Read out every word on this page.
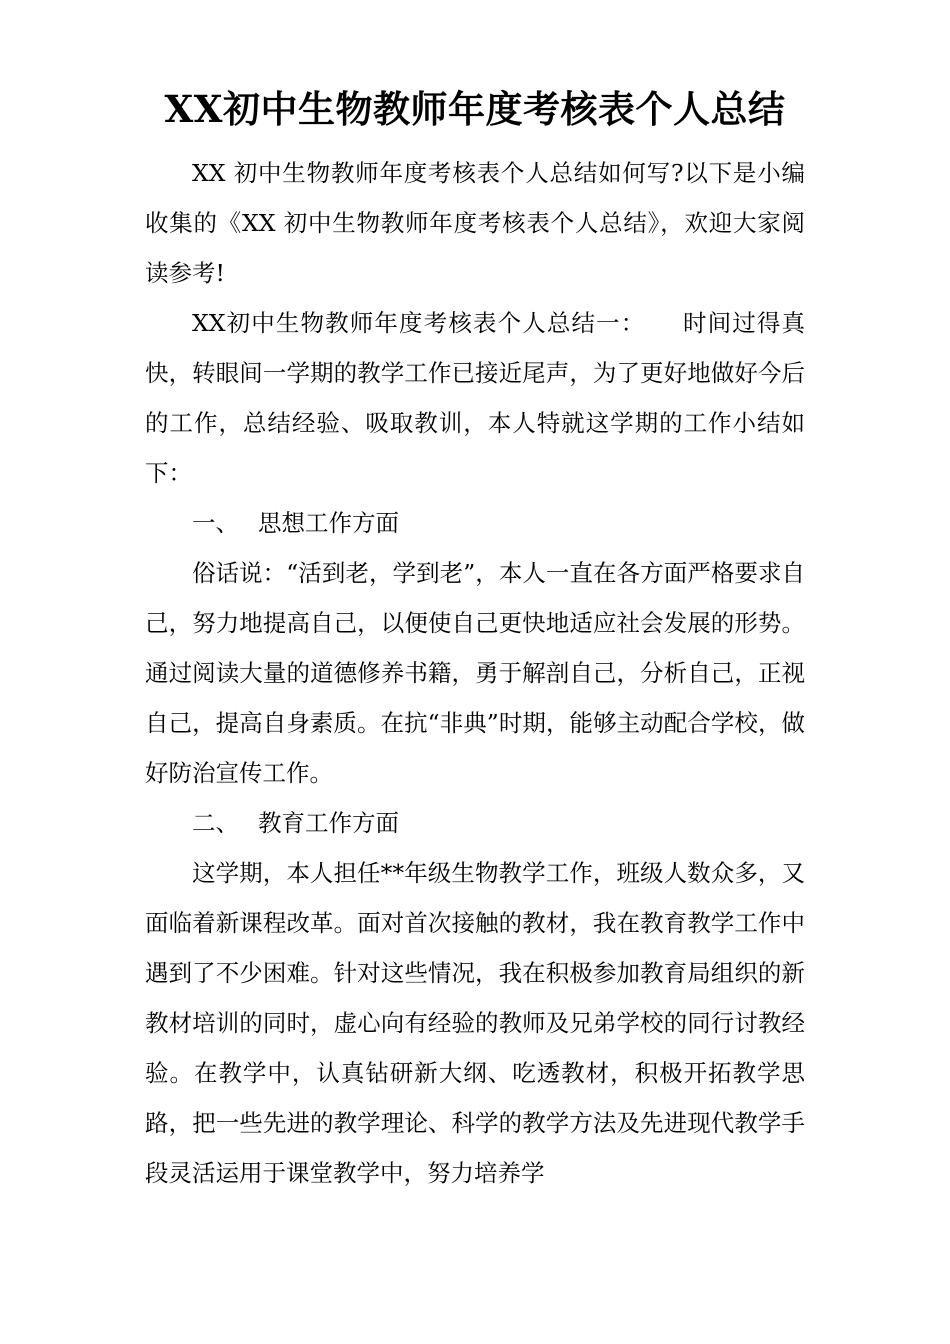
XX初中生物教师年度考核表个人总结

XX 初中生物教师年度考核表个人总结如何写?以下是小编收集的《XX 初中生物教师年度考核表个人总结》，欢迎大家阅读参考!

XX初中生物教师年度考核表个人总结一：　　时间过得真快，转眼间一学期的教学工作已接近尾声，为了更好地做好今后的工作，总结经验、吸取教训，本人特就这学期的工作小结如下：

一、 思想工作方面

俗话说：“活到老，学到老”，本人一直在各方面严格要求自己，努力地提高自己，以便使自己更快地适应社会发展的形势。通过阅读大量的道德修养书籍，勇于解剖自己，分析自己，正视自己，提高自身素质。在抗“非典”时期，能够主动配合学校，做好防治宣传工作。

二、 教育工作方面

这学期，本人担任**年级生物教学工作，班级人数众多，又面临着新课程改革。面对首次接触的教材，我在教育教学工作中遇到了不少困难。针对这些情况，我在积极参加教育局组织的新教材培训的同时，虚心向有经验的教师及兄弟学校的同行讨教经验。在教学中，认真钻研新大纲、吃透教材，积极开拓教学思路，把一些先进的教学理论、科学的教学方法及先进现代教学手段灵活运用于课堂教学中，努力培养学
